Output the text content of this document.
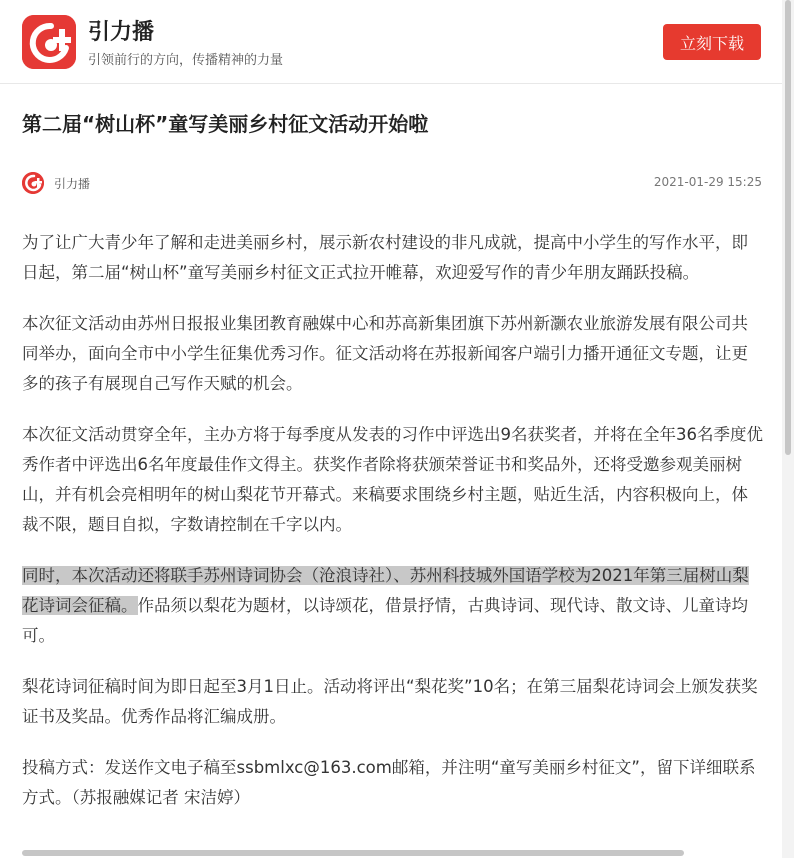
引力播
引领前行的方向，传播精神的力量
立刻下载
第二届“树山杯”童写美丽乡村征文活动开始啦
引力播	2021-01-29 15:25

为了让广大青少年了解和走进美丽乡村，展示新农村建设的非凡成就，提高中小学生的写作水平，即日起，第二届“树山杯”童写美丽乡村征文正式拉开帷幕，欢迎爱写作的青少年朋友踊跃投稿。

本次征文活动由苏州日报报业集团教育融媒中心和苏高新集团旗下苏州新灏农业旅游发展有限公司共同举办，面向全市中小学生征集优秀习作。征文活动将在苏报新闻客户端引力播开通征文专题，让更多的孩子有展现自己写作天赋的机会。

本次征文活动贯穿全年，主办方将于每季度从发表的习作中评选出9名获奖者，并将在全年36名季度优秀作者中评选出6名年度最佳作文得主。获奖作者除将获颁荣誉证书和奖品外，还将受邀参观美丽树山，并有机会亮相明年的树山梨花节开幕式。来稿要求围绕乡村主题，贴近生活，内容积极向上，体裁不限，题目自拟，字数请控制在千字以内。

同时，本次活动还将联手苏州诗词协会（沧浪诗社）、苏州科技城外国语学校为2021年第三届树山梨花诗词会征稿。作品须以梨花为题材，以诗颂花，借景抒情，古典诗词、现代诗、散文诗、儿童诗均可。

梨花诗词征稿时间为即日起至3月1日止。活动将评出“梨花奖”10名；在第三届梨花诗词会上颁发获奖证书及奖品。优秀作品将汇编成册。

投稿方式：发送作文电子稿至ssbmlxc@163.com邮箱，并注明“童写美丽乡村征文”，留下详细联系方式。（苏报融媒记者 宋洁婷）
